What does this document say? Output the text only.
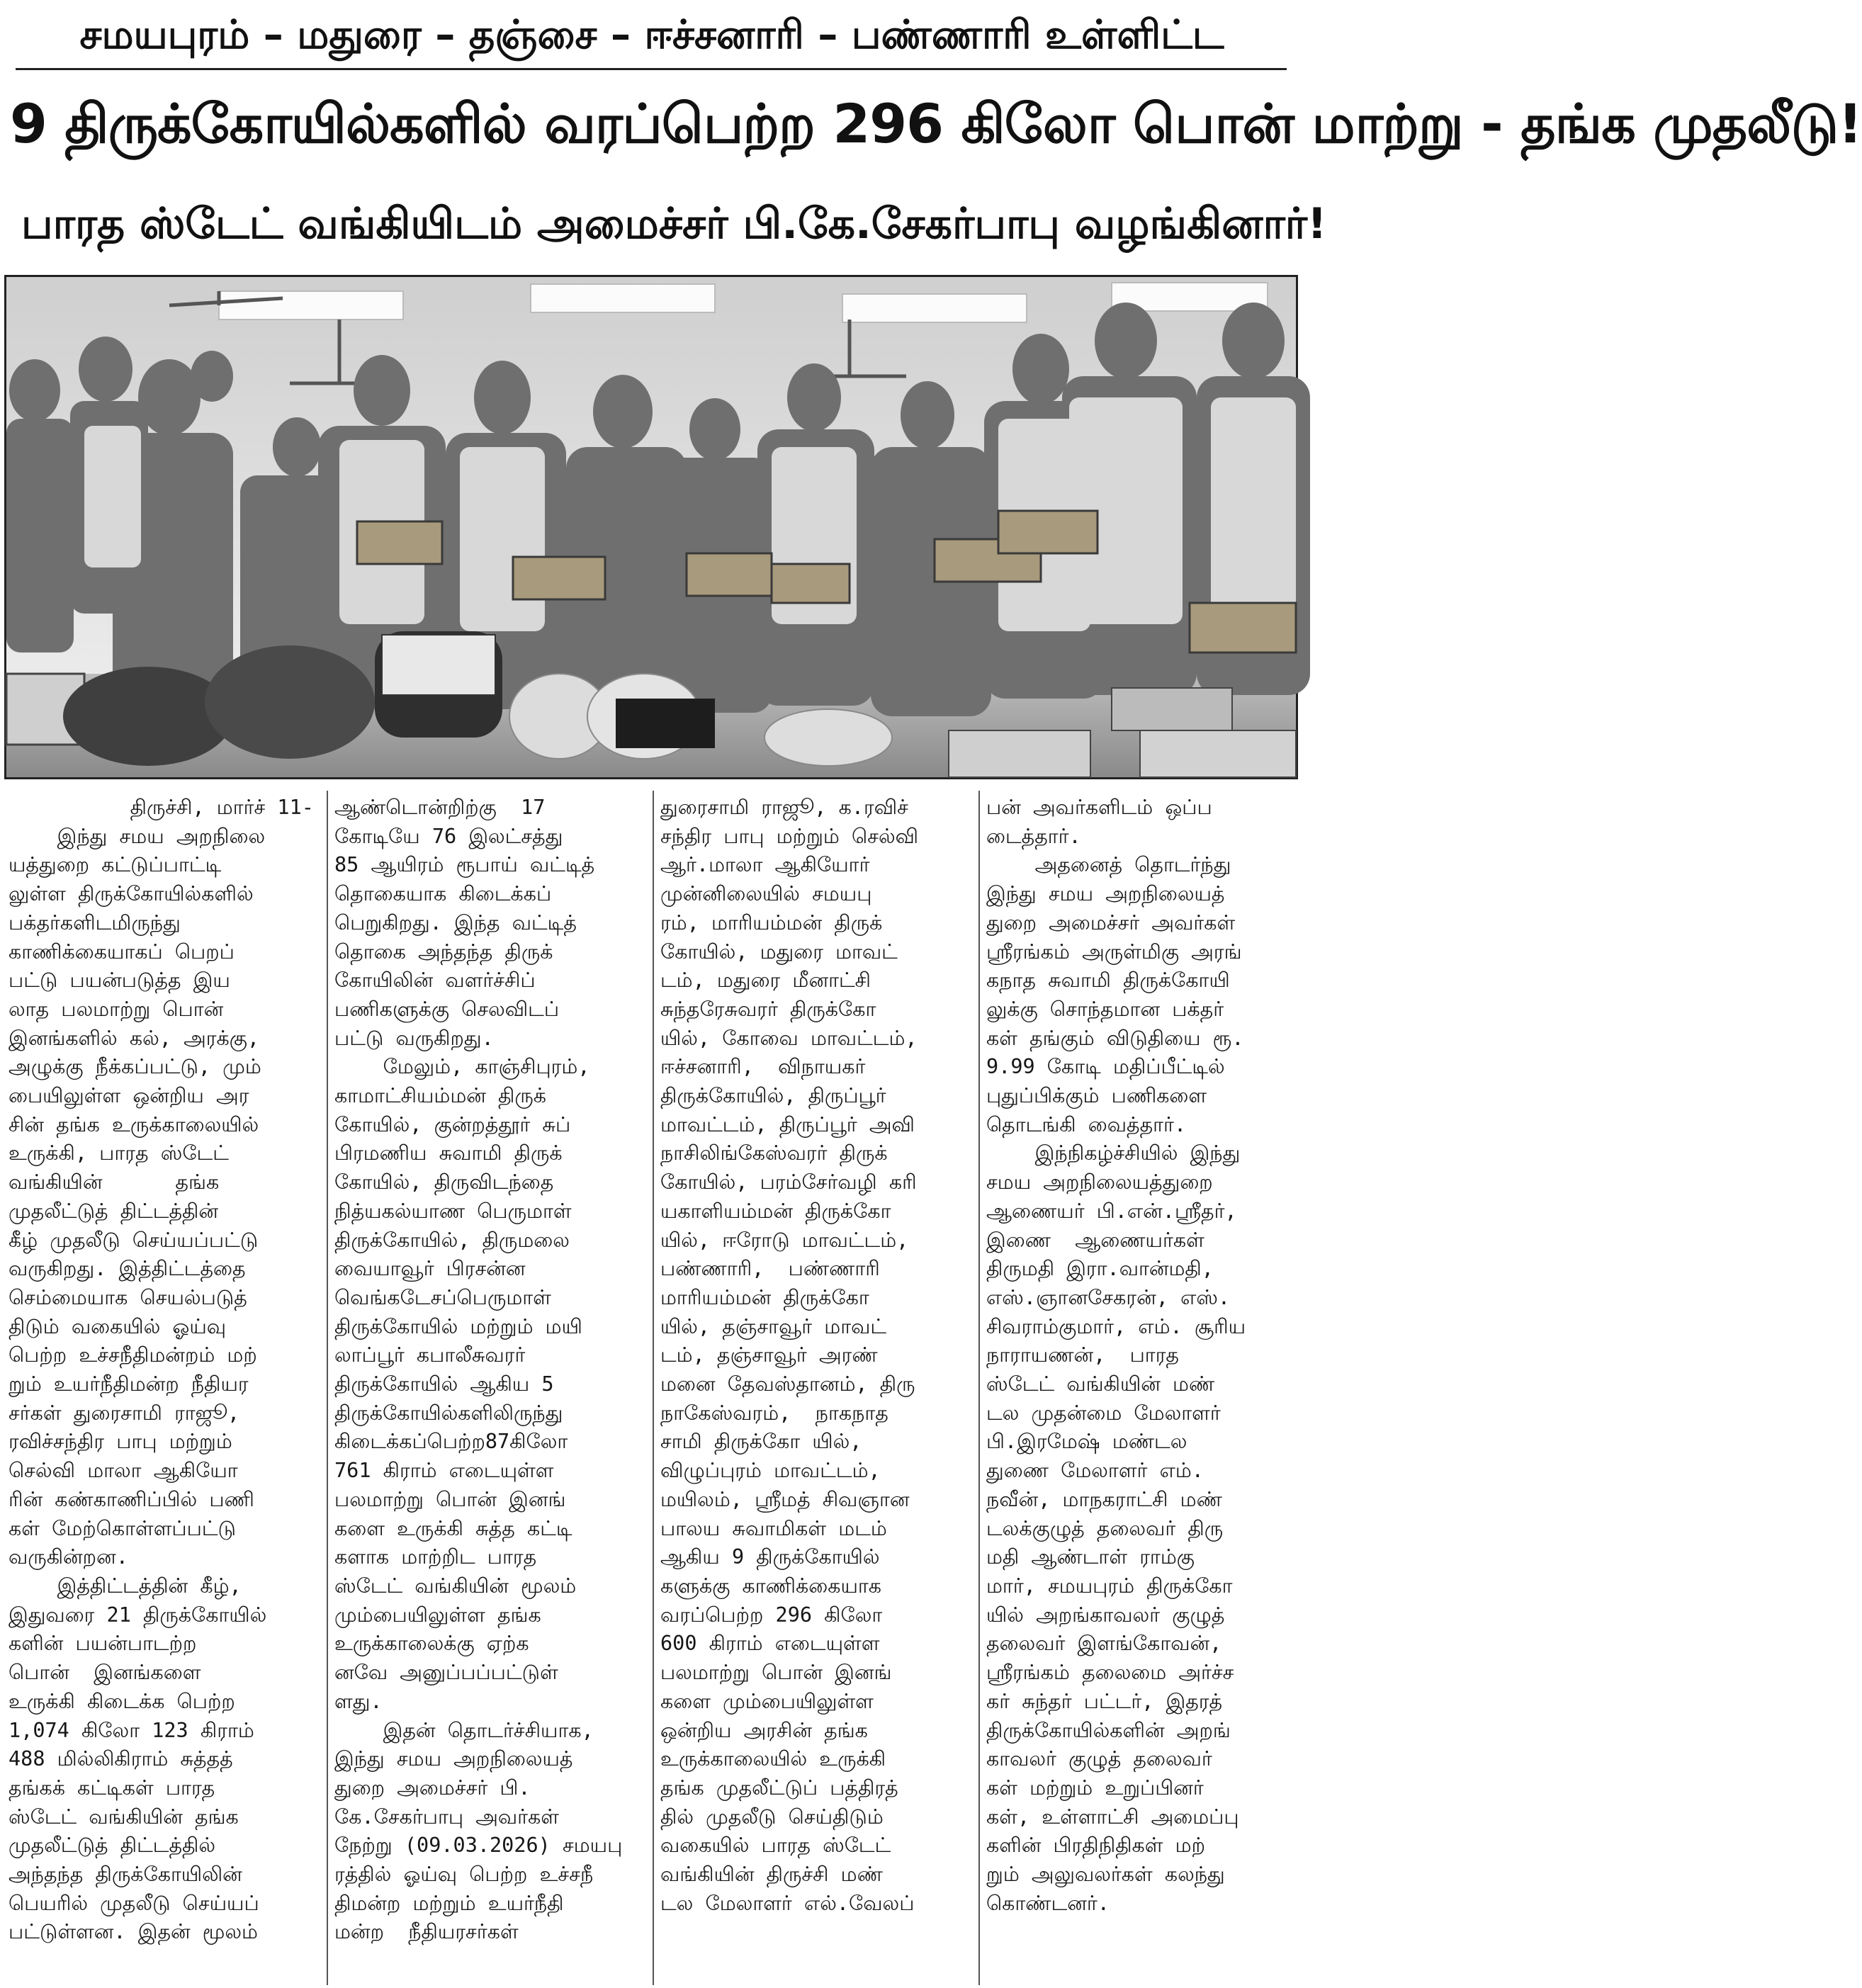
சமயபுரம் – மதுரை – தஞ்சை – ஈச்சனாரி – பண்ணாரி உள்ளிட்ட
9 திருக்கோயில்களில் வரப்பெற்ற 296 கிலோ பொன் மாற்று - தங்க முதலீடு!
பாரத ஸ்டேட் வங்கியிடம் அமைச்சர் பி.கே.சேகர்பாபு வழங்கினார்!

திருச்சி, மார்ச் 11-
இந்து சமய அறநிலை
யத்துறை கட்டுப்பாட்டி
லுள்ள திருக்கோயில்களில்
பக்தர்களிடமிருந்து
காணிக்கையாகப் பெறப்
பட்டு பயன்படுத்த இய
லாத பலமாற்று பொன்
இனங்களில் கல், அரக்கு,
அழுக்கு நீக்கப்பட்டு, மும்
பையிலுள்ள ஒன்றிய அர
சின் தங்க உருக்காலையில்
உருக்கி, பாரத ஸ்டேட்
வங்கியின்      தங்க
முதலீட்டுத் திட்டத்தின்
கீழ் முதலீடு செய்யப்பட்டு
வருகிறது. இத்திட்டத்தை
செம்மையாக செயல்படுத்
திடும் வகையில் ஓய்வு
பெற்ற உச்சநீதிமன்றம் மற்
றும் உயர்நீதிமன்ற நீதியர
சர்கள் துரைசாமி ராஜூ,
ரவிச்சந்திர பாபு மற்றும்
செல்வி மாலா ஆகியோ
ரின் கண்காணிப்பில் பணி
கள் மேற்கொள்ளப்பட்டு
வருகின்றன.
இத்திட்டத்தின் கீழ்,
இதுவரை 21 திருக்கோயில்
களின் பயன்பாடற்ற
பொன்  இனங்களை
உருக்கி கிடைக்க பெற்ற
1,074 கிலோ 123 கிராம்
488 மில்லிகிராம் சுத்தத்
தங்கக் கட்டிகள் பாரத
ஸ்டேட் வங்கியின் தங்க
முதலீட்டுத் திட்டத்தில்
அந்தந்த திருக்கோயிலின்
பெயரில் முதலீடு செய்யப்
பட்டுள்ளன. இதன் மூலம்

ஆண்டொன்றிற்கு  17
கோடியே 76 இலட்சத்து
85 ஆயிரம் ரூபாய் வட்டித்
தொகையாக கிடைக்கப்
பெறுகிறது. இந்த வட்டித்
தொகை அந்தந்த திருக்
கோயிலின் வளர்ச்சிப்
பணிகளுக்கு செலவிடப்
பட்டு வருகிறது.
மேலும், காஞ்சிபுரம்,
காமாட்சியம்மன் திருக்
கோயில், குன்றத்தூர் சுப்
பிரமணிய சுவாமி திருக்
கோயில், திருவிடந்தை
நித்யகல்யாண பெருமாள்
திருக்கோயில், திருமலை
வையாவூர் பிரசன்ன
வெங்கடேசப்பெருமாள்
திருக்கோயில் மற்றும் மயி
லாப்பூர் கபாலீசுவரர்
திருக்கோயில் ஆகிய 5
திருக்கோயில்களிலிருந்து
கிடைக்கப்பெற்ற87கிலோ
761 கிராம் எடையுள்ள
பலமாற்று பொன் இனங்
களை உருக்கி சுத்த கட்டி
களாக மாற்றிட பாரத
ஸ்டேட் வங்கியின் மூலம்
மும்பையிலுள்ள தங்க
உருக்காலைக்கு ஏற்க
னவே அனுப்பப்பட்டுள்
ளது.
இதன் தொடர்ச்சியாக,
இந்து சமய அறநிலையத்
துறை அமைச்சர் பி.
கே.சேகர்பாபு அவர்கள்
நேற்று (09.03.2026) சமயபு
ரத்தில் ஓய்வு பெற்ற உச்சநீ
திமன்ற மற்றும் உயர்நீதி
மன்ற  நீதியரசர்கள்

துரைசாமி ராஜூ, க.ரவிச்
சந்திர பாபு மற்றும் செல்வி
ஆர்.மாலா ஆகியோர்
முன்னிலையில் சமயபு
ரம், மாரியம்மன் திருக்
கோயில், மதுரை மாவட்
டம், மதுரை மீனாட்சி
சுந்தரேசுவரர் திருக்கோ
யில், கோவை மாவட்டம்,
ஈச்சனாரி,  விநாயகர்
திருக்கோயில், திருப்பூர்
மாவட்டம், திருப்பூர் அவி
நாசிலிங்கேஸ்வரர் திருக்
கோயில், பரம்சேர்வழி கரி
யகாளியம்மன் திருக்கோ
யில், ஈரோடு மாவட்டம்,
பண்ணாரி,  பண்ணாரி
மாரியம்மன் திருக்கோ
யில், தஞ்சாவூர் மாவட்
டம், தஞ்சாவூர் அரண்
மனை தேவஸ்தானம், திரு
நாகேஸ்வரம்,  நாகநாத
சாமி திருக்கோ யில்,
விழுப்புரம் மாவட்டம்,
மயிலம், ஸ்ரீமத் சிவஞான
பாலய சுவாமிகள் மடம்
ஆகிய 9 திருக்கோயில்
களுக்கு காணிக்கையாக
வரப்பெற்ற 296 கிலோ
600 கிராம் எடையுள்ள
பலமாற்று பொன் இனங்
களை மும்பையிலுள்ள
ஒன்றிய அரசின் தங்க
உருக்காலையில் உருக்கி
தங்க முதலீட்டுப் பத்திரத்
தில் முதலீடு செய்திடும்
வகையில் பாரத ஸ்டேட்
வங்கியின் திருச்சி மண்
டல மேலாளர் எல்.வேலப்

பன் அவர்களிடம் ஒப்ப
டைத்தார்.
அதனைத் தொடர்ந்து
இந்து சமய அறநிலையத்
துறை அமைச்சர் அவர்கள்
ஸ்ரீரங்கம் அருள்மிகு அரங்
கநாத சுவாமி திருக்கோயி
லுக்கு சொந்தமான பக்தர்
கள் தங்கும் விடுதியை ரூ.
9.99 கோடி மதிப்பீட்டில்
புதுப்பிக்கும் பணிகளை
தொடங்கி வைத்தார்.
இந்நிகழ்ச்சியில் இந்து
சமய அறநிலையத்துறை
ஆணையர் பி.என்.ஸ்ரீதர்,
இணை  ஆணையர்கள்
திருமதி இரா.வான்மதி,
எஸ்.ஞானசேகரன், எஸ்.
சிவராம்குமார், எம். சூரிய
நாராயணன்,  பாரத
ஸ்டேட் வங்கியின் மண்
டல முதன்மை மேலாளர்
பி.இரமேஷ் மண்டல
துணை மேலாளர் எம்.
நவீன், மாநகராட்சி மண்
டலக்குழுத் தலைவர் திரு
மதி ஆண்டாள் ராம்கு
மார், சமயபுரம் திருக்கோ
யில் அறங்காவலர் குழுத்
தலைவர் இளங்கோவன்,
ஸ்ரீரங்கம் தலைமை அர்ச்ச
கர் சுந்தர் பட்டர், இதரத்
திருக்கோயில்களின் அறங்
காவலர் குழுத் தலைவர்
கள் மற்றும் உறுப்பினர்
கள், உள்ளாட்சி அமைப்பு
களின் பிரதிநிதிகள் மற்
றும் அலுவலர்கள் கலந்து
கொண்டனர்.
